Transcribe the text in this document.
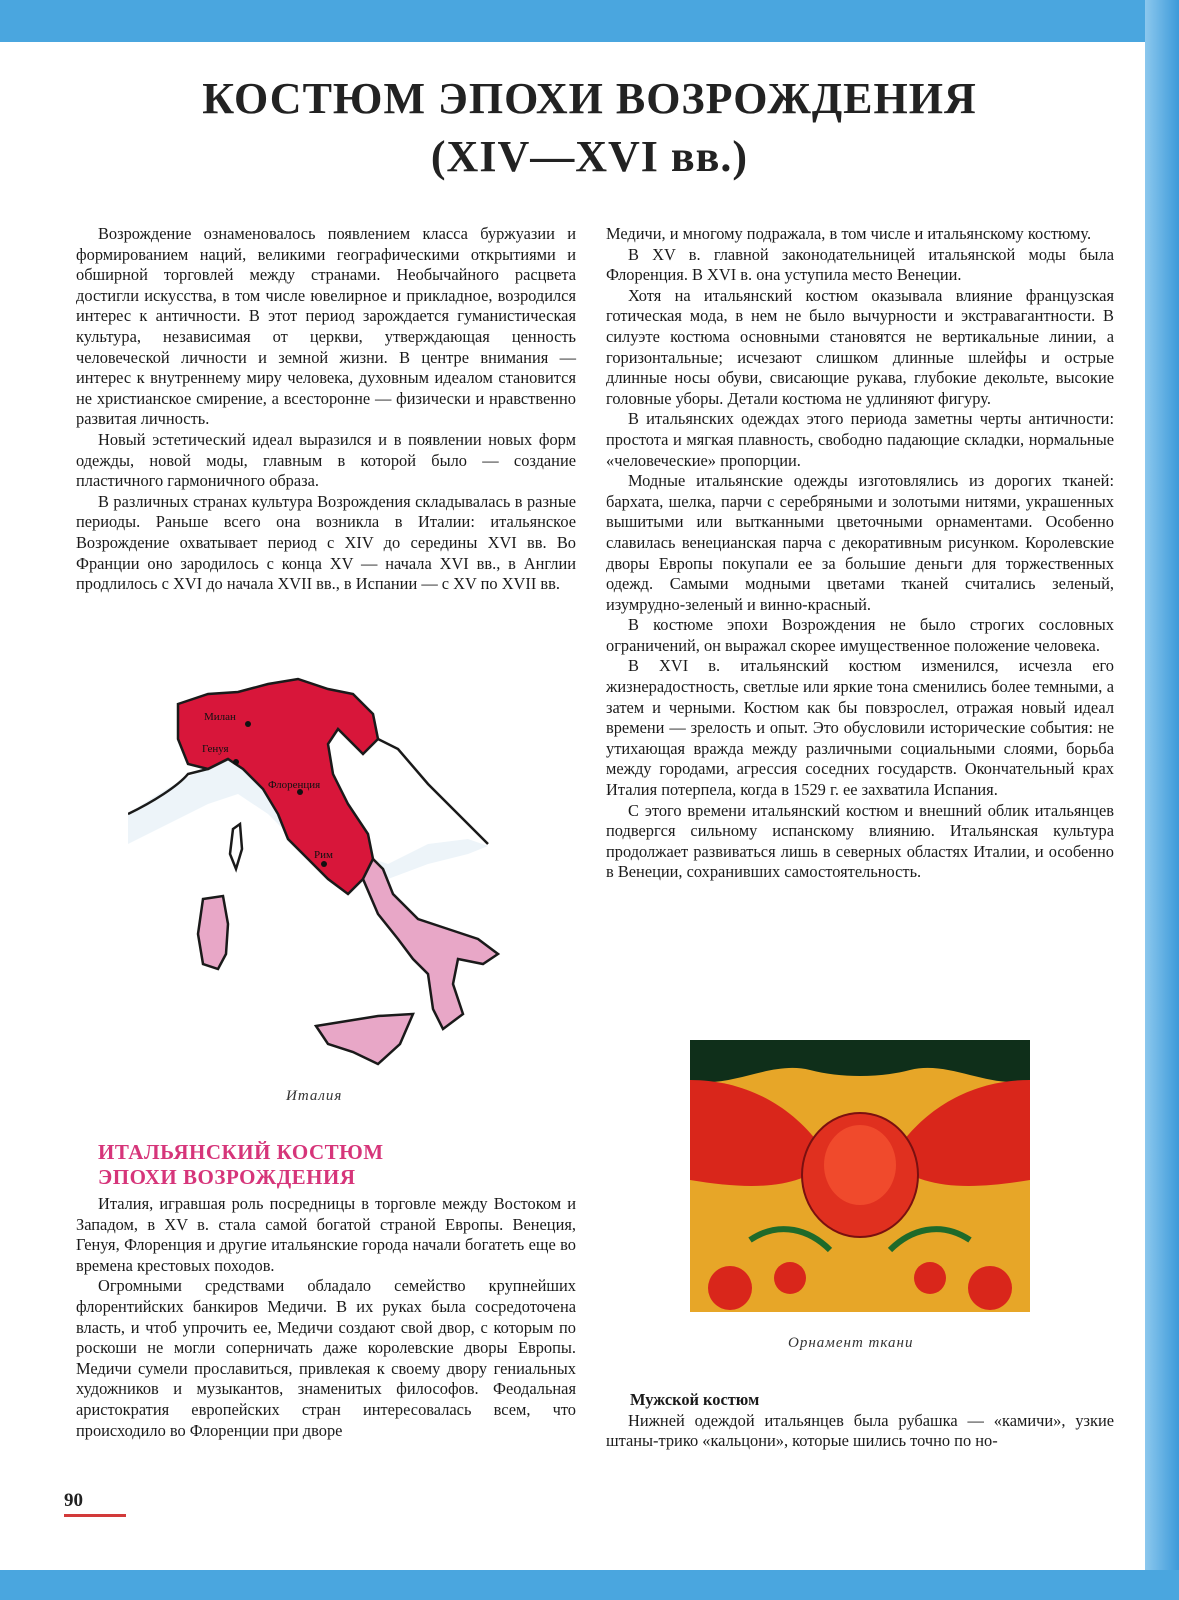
КОСТЮМ ЭПОХИ ВОЗРОЖДЕНИЯ
(XIV—XVI вв.)

Возрождение ознаменовалось появлением класса буржуазии и формированием наций, великими географическими открытиями и обширной торговлей между странами. Необычайного расцвета достигли искусства, в том числе ювелирное и прикладное, возродился интерес к античности. В этот период зарождается гуманистическая культура, независимая от церкви, утверждающая ценность человеческой личности и земной жизни. В центре внимания — интерес к внутреннему миру человека, духовным идеалом становится не христианское смирение, а всесторонне — физически и нравственно развитая личность.

Новый эстетический идеал выразился и в появлении новых форм одежды, новой моды, главным в которой было — создание пластичного гармоничного образа.

В различных странах культура Возрождения складывалась в разные периоды. Раньше всего она возникла в Италии: итальянское Возрождение охватывает период с XIV до середины XVI вв. Во Франции оно зародилось с конца XV — начала XVI вв., в Англии продлилось с XVI до начала XVII вв., в Испании — с XV по XVII вв.

Медичи, и многому подражала, в том числе и итальянскому костюму.

В XV в. главной законодательницей итальянской моды была Флоренция. В XVI в. она уступила место Венеции.

Хотя на итальянский костюм оказывала влияние французская готическая мода, в нем не было вычурности и экстравагантности. В силуэте костюма основными становятся не вертикальные линии, а горизонтальные; исчезают слишком длинные шлейфы и острые длинные носы обуви, свисающие рукава, глубокие декольте, высокие головные уборы. Детали костюма не удлиняют фигуру.

В итальянских одеждах этого периода заметны черты античности: простота и мягкая плавность, свободно падающие складки, нормальные «человеческие» пропорции.

Модные итальянские одежды изготовлялись из дорогих тканей: бархата, шелка, парчи с серебряными и золотыми нитями, украшенных вышитыми или вытканными цветочными орнаментами. Особенно славилась венецианская парча с декоративным рисунком. Королевские дворы Европы покупали ее за большие деньги для торжественных одежд. Самыми модными цветами тканей считались зеленый, изумрудно-зеленый и винно-красный.

В костюме эпохи Возрождения не было строгих сословных ограничений, он выражал скорее имущественное положение человека.

В XVI в. итальянский костюм изменился, исчезла его жизнерадостность, светлые или яркие тона сменились более темными, а затем и черными. Костюм как бы повзрослел, отражая новый идеал времени — зрелость и опыт. Это обусловили исторические события: не утихающая вражда между различными социальными слоями, борьба между городами, агрессия соседних государств. Окончательный крах Италия потерпела, когда в 1529 г. ее захватила Испания.

С этого времени итальянский костюм и внешний облик итальянцев подвергся сильному испанскому влиянию. Итальянская культура продолжает развиваться лишь в северных областях Италии, и особенно в Венеции, сохранивших самостоятельность.

Милан
Генуя
Флоренция
Рим
Италия
ИТАЛЬЯНСКИЙ КОСТЮМ
ЭПОХИ ВОЗРОЖДЕНИЯ

Италия, игравшая роль посредницы в торговле между Востоком и Западом, в XV в. стала самой богатой страной Европы. Венеция, Генуя, Флоренция и другие итальянские города начали богатеть еще во времена крестовых походов.

Огромными средствами обладало семейство крупнейших флорентийских банкиров Медичи. В их руках была сосредоточена власть, и чтоб упрочить ее, Медичи создают свой двор, с которым по роскоши не могли соперничать даже королевские дворы Европы. Медичи сумели прославиться, привлекая к своему двору гениальных художников и музыкантов, знаменитых философов. Феодальная аристократия европейских стран интересовалась всем, что происходило во Флоренции при дворе

Орнамент ткани

Мужской костюм

Нижней одеждой итальянцев была рубашка — «камичи», узкие штаны-трико «кальцони», которые шились точно по но-

90
